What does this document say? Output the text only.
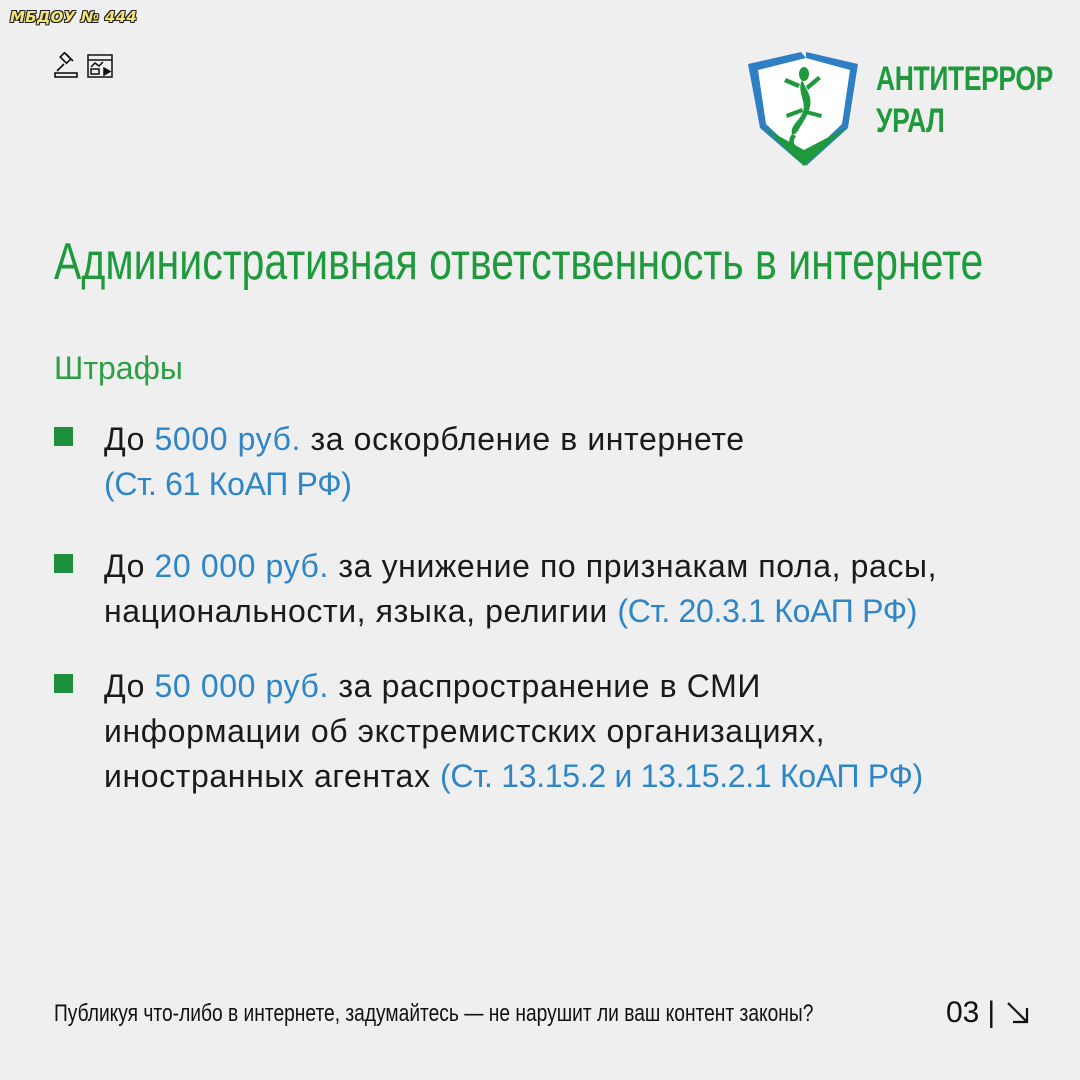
МБДОУ № 444
АНТИТЕРРОР
УРАЛ
Административная ответственность в интернете
Штрафы
До 5000 руб. за оскорбление в интернете
(Ст. 61 КоАП РФ)
До 20 000 руб. за унижение по признакам пола, расы, национальности, языка, религии (Ст. 20.3.1 КоАП РФ)
До 50 000 руб. за распространение в СМИ информации об экстремистских организациях, иностранных агентах (Ст. 13.15.2 и 13.15.2.1 КоАП РФ)
Публикуя что-либо в интернете, задумайтесь — не нарушит ли ваш контент законы?	03 |
